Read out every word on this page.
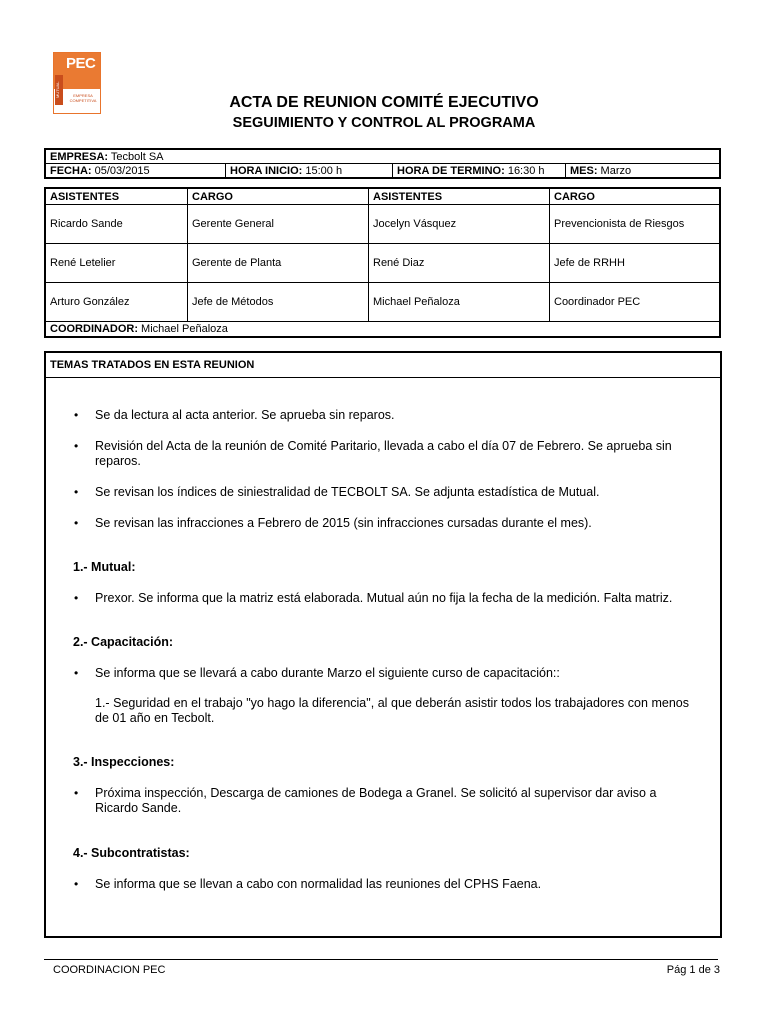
PEC
MUTUAL	EMPRESA COMPETITIVA	ACTA DE REUNION COMITÉ EJECUTIVO
SEGUIMIENTO Y CONTROL AL PROGRAMA
EMPRESA: Tecbolt SA
FECHA: 05/03/2015	HORA INICIO: 15:00 h	HORA DE TERMINO: 16:30 h	MES: Marzo
ASISTENTES	CARGO	ASISTENTES	CARGO
Ricardo Sande	Gerente General	Jocelyn Vásquez	Prevencionista de Riesgos
René Letelier	Gerente de Planta	René Diaz	Jefe de RRHH
Arturo González	Jefe de Métodos	Michael Peñaloza	Coordinador PEC
COORDINADOR: Michael Peñaloza			
TEMAS TRATADOS EN ESTA REUNION
• Se da lectura al acta anterior. Se aprueba sin reparos.
• Revisión del Acta de la reunión de Comité Paritario, llevada a cabo el día 07 de Febrero. Se aprueba sin reparos.
• Se revisan los índices de siniestralidad de TECBOLT SA. Se adjunta estadística de Mutual.
• Se revisan las infracciones a Febrero de 2015 (sin infracciones cursadas durante el mes).
1.- Mutual:
• Prexor. Se informa que la matriz está elaborada. Mutual aún no fija la fecha de la medición. Falta matriz.
2.- Capacitación:
• Se informa que se llevará a cabo durante Marzo el siguiente curso de capacitación::
1.- Seguridad en el trabajo "yo hago la diferencia", al que deberán asistir todos los trabajadores con menos de 01 año en Tecbolt.
3.- Inspecciones:
• Próxima inspección, Descarga de camiones de Bodega a Granel. Se solicitó al supervisor dar aviso a Ricardo Sande.
4.- Subcontratistas:
• Se informa que se llevan a cabo con normalidad las reuniones del CPHS Faena.
COORDINACION PEC	Pág 1 de 3
